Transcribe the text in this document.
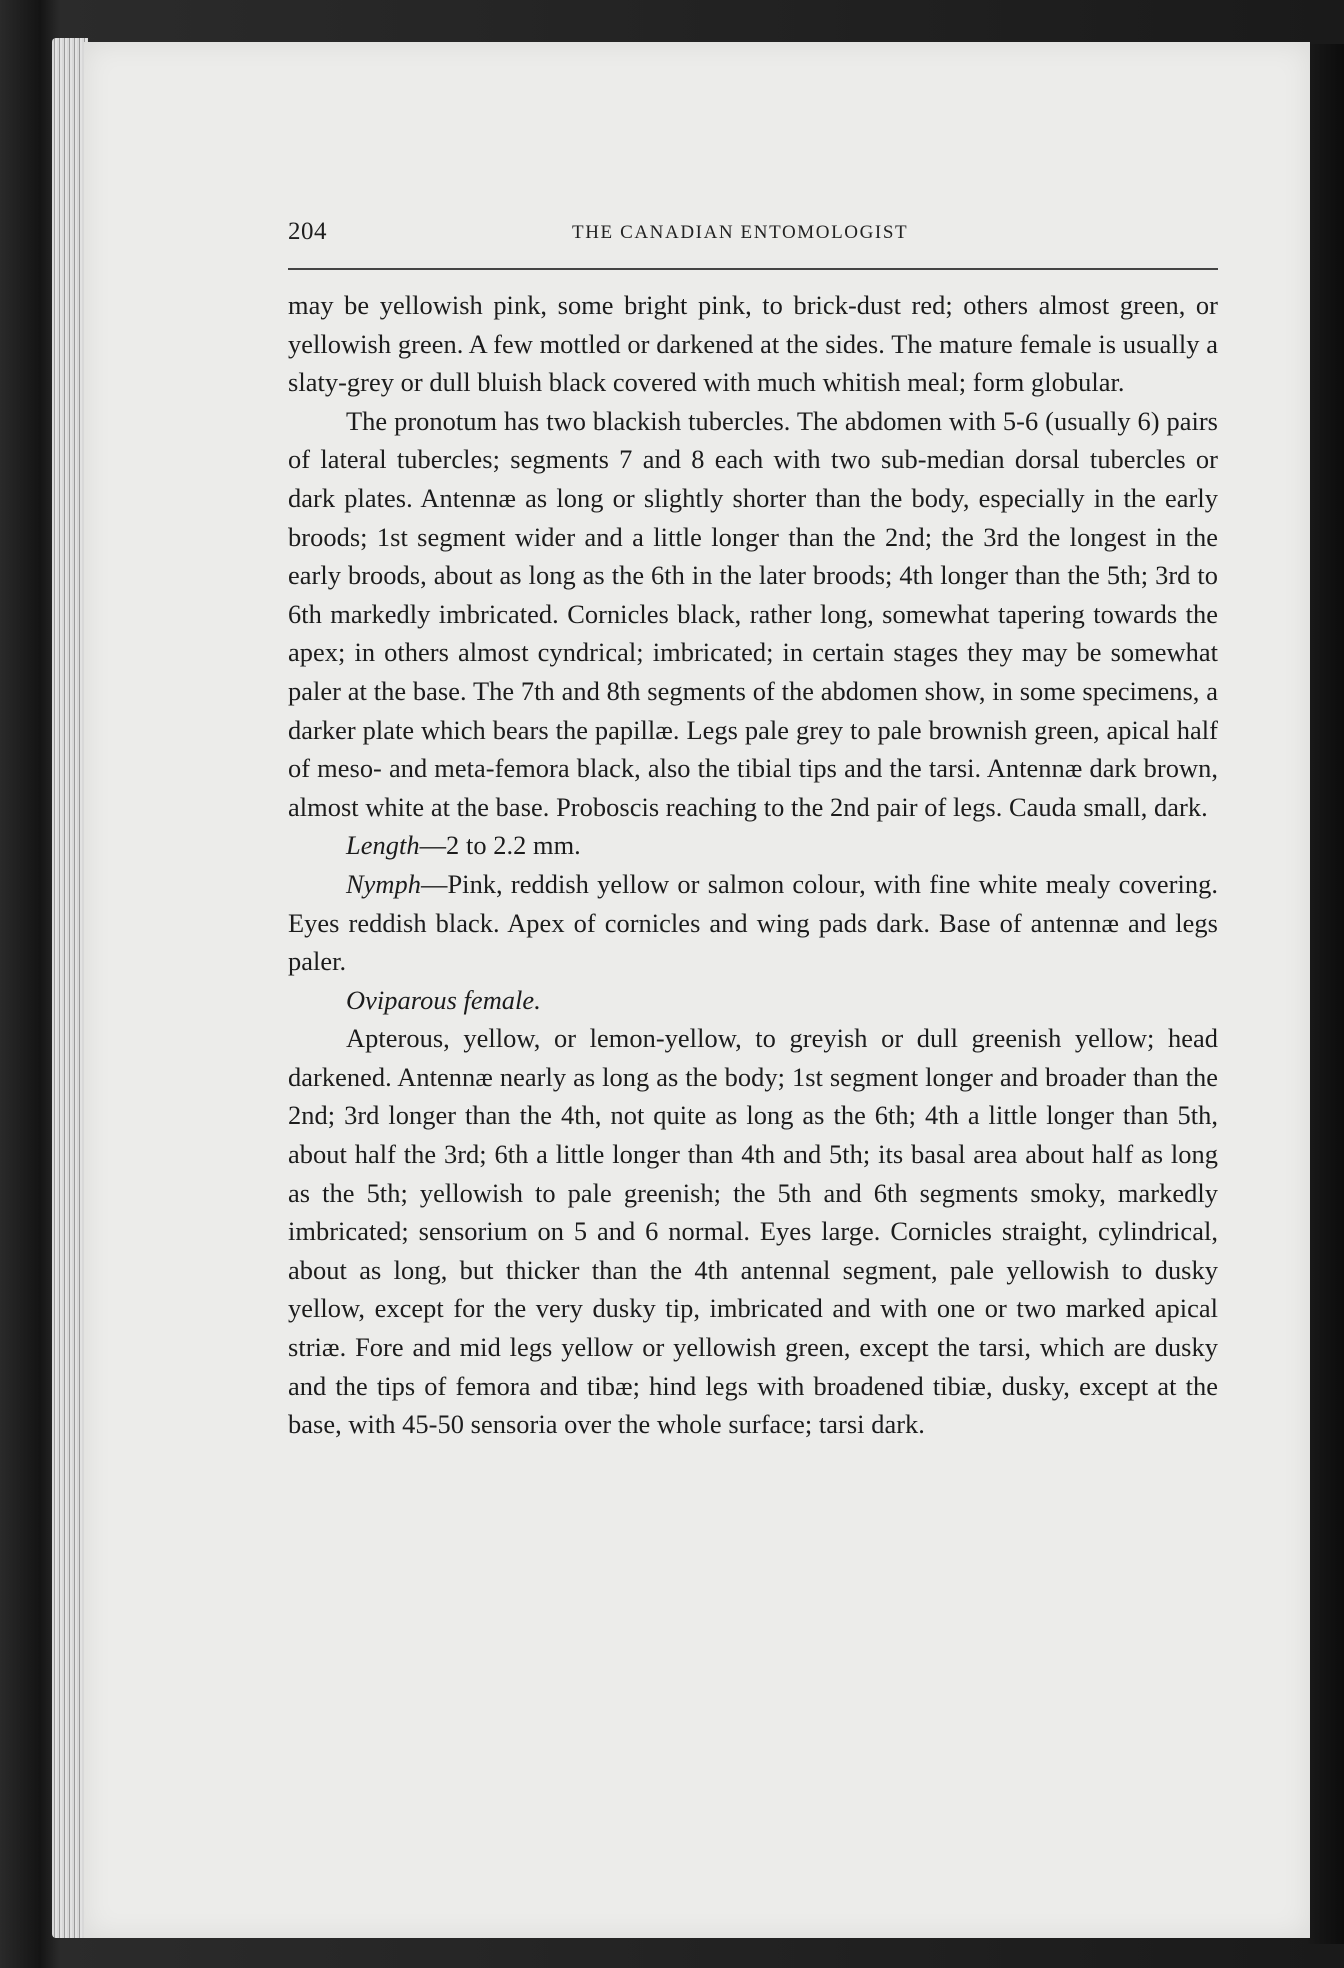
204	THE CANADIAN ENTOMOLOGIST

may be yellowish pink, some bright pink, to brick-dust red; others almost green, or yellowish green. A few mottled or darkened at the sides. The mature female is usually a slaty-grey or dull bluish black covered with much whitish meal; form globular.

The pronotum has two blackish tubercles. The abdomen with 5-6 (usually 6) pairs of lateral tubercles; segments 7 and 8 each with two sub-median dorsal tubercles or dark plates. Antennæ as long or slightly shorter than the body, especially in the early broods; 1st segment wider and a little longer than the 2nd; the 3rd the longest in the early broods, about as long as the 6th in the later broods; 4th longer than the 5th; 3rd to 6th markedly imbricated. Cornicles black, rather long, somewhat tapering towards the apex; in others almost cyndrical; imbricated; in certain stages they may be somewhat paler at the base. The 7th and 8th segments of the abdomen show, in some specimens, a darker plate which bears the papillæ. Legs pale grey to pale brownish green, apical half of meso- and meta-femora black, also the tibial tips and the tarsi. Antennæ dark brown, almost white at the base. Proboscis reaching to the 2nd pair of legs. Cauda small, dark.

Length—2 to 2.2 mm.

Nymph—Pink, reddish yellow or salmon colour, with fine white mealy covering. Eyes reddish black. Apex of cornicles and wing pads dark. Base of antennæ and legs paler.

Oviparous female.

Apterous, yellow, or lemon-yellow, to greyish or dull greenish yellow; head darkened. Antennæ nearly as long as the body; 1st segment longer and broader than the 2nd; 3rd longer than the 4th, not quite as long as the 6th; 4th a little longer than 5th, about half the 3rd; 6th a little longer than 4th and 5th; its basal area about half as long as the 5th; yellowish to pale greenish; the 5th and 6th segments smoky, markedly imbricated; sensorium on 5 and 6 normal. Eyes large. Cornicles straight, cylindrical, about as long, but thicker than the 4th antennal segment, pale yellowish to dusky yellow, except for the very dusky tip, imbricated and with one or two marked apical striæ. Fore and mid legs yellow or yellowish green, except the tarsi, which are dusky and the tips of femora and tibæ; hind legs with broadened tibiæ, dusky, except at the base, with 45-50 sensoria over the whole surface; tarsi dark.
